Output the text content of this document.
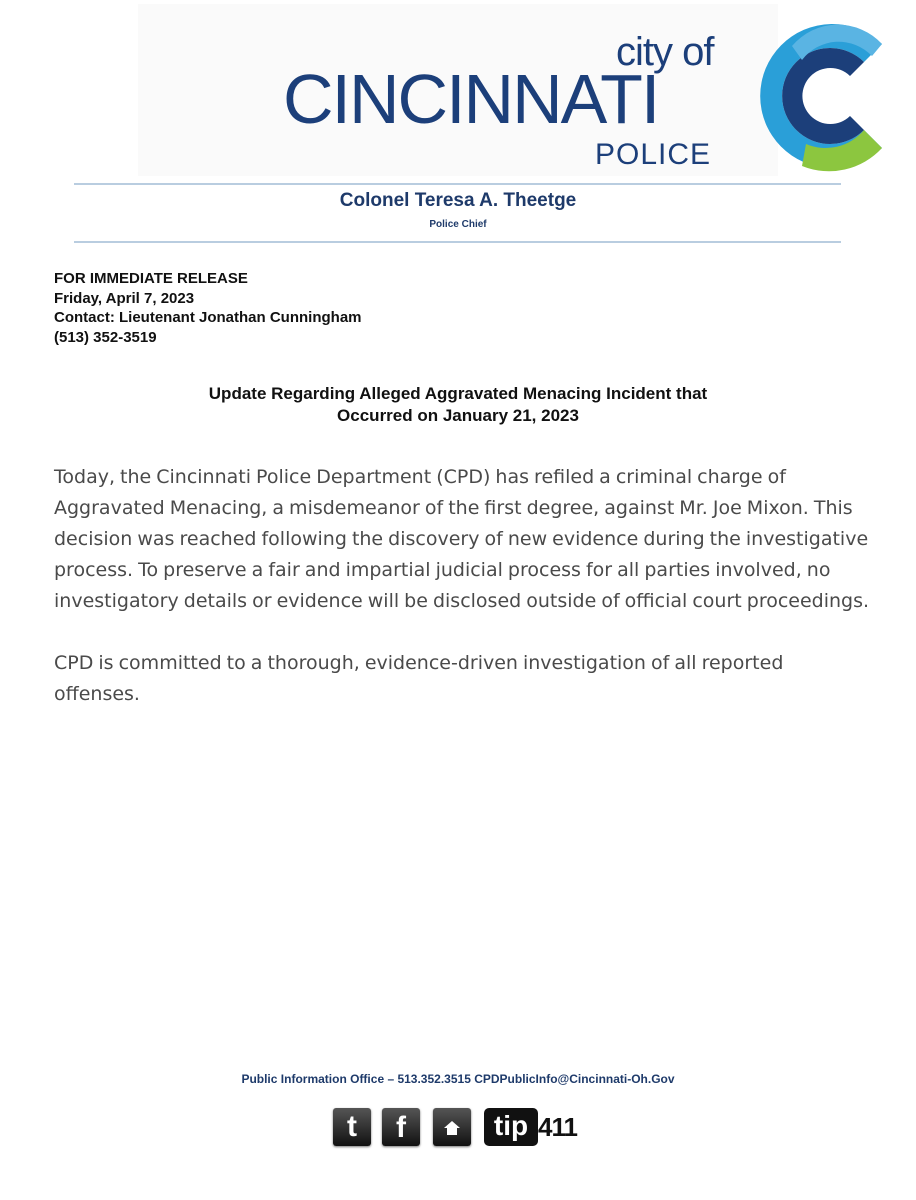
city of
CINCINNATI
POLICE
Colonel Teresa A. Theetge
Police Chief
FOR IMMEDIATE RELEASE
Friday, April 7, 2023
Contact: Lieutenant Jonathan Cunningham
(513) 352-3519
Update Regarding Alleged Aggravated Menacing Incident that
Occurred on January 21, 2023

Today, the Cincinnati Police Department (CPD) has refiled a criminal charge of Aggravated Menacing, a misdemeanor of the first degree, against Mr. Joe Mixon. This decision was reached following the discovery of new evidence during the investigative process. To preserve a fair and impartial judicial process for all parties involved, no investigatory details or evidence will be disclosed outside of official court proceedings.

CPD is committed to a thorough, evidence-driven investigation of all reported offenses.

Public Information Office – 513.352.3515 CPDPublicInfo@Cincinnati-Oh.Gov
t	f	tip 411
